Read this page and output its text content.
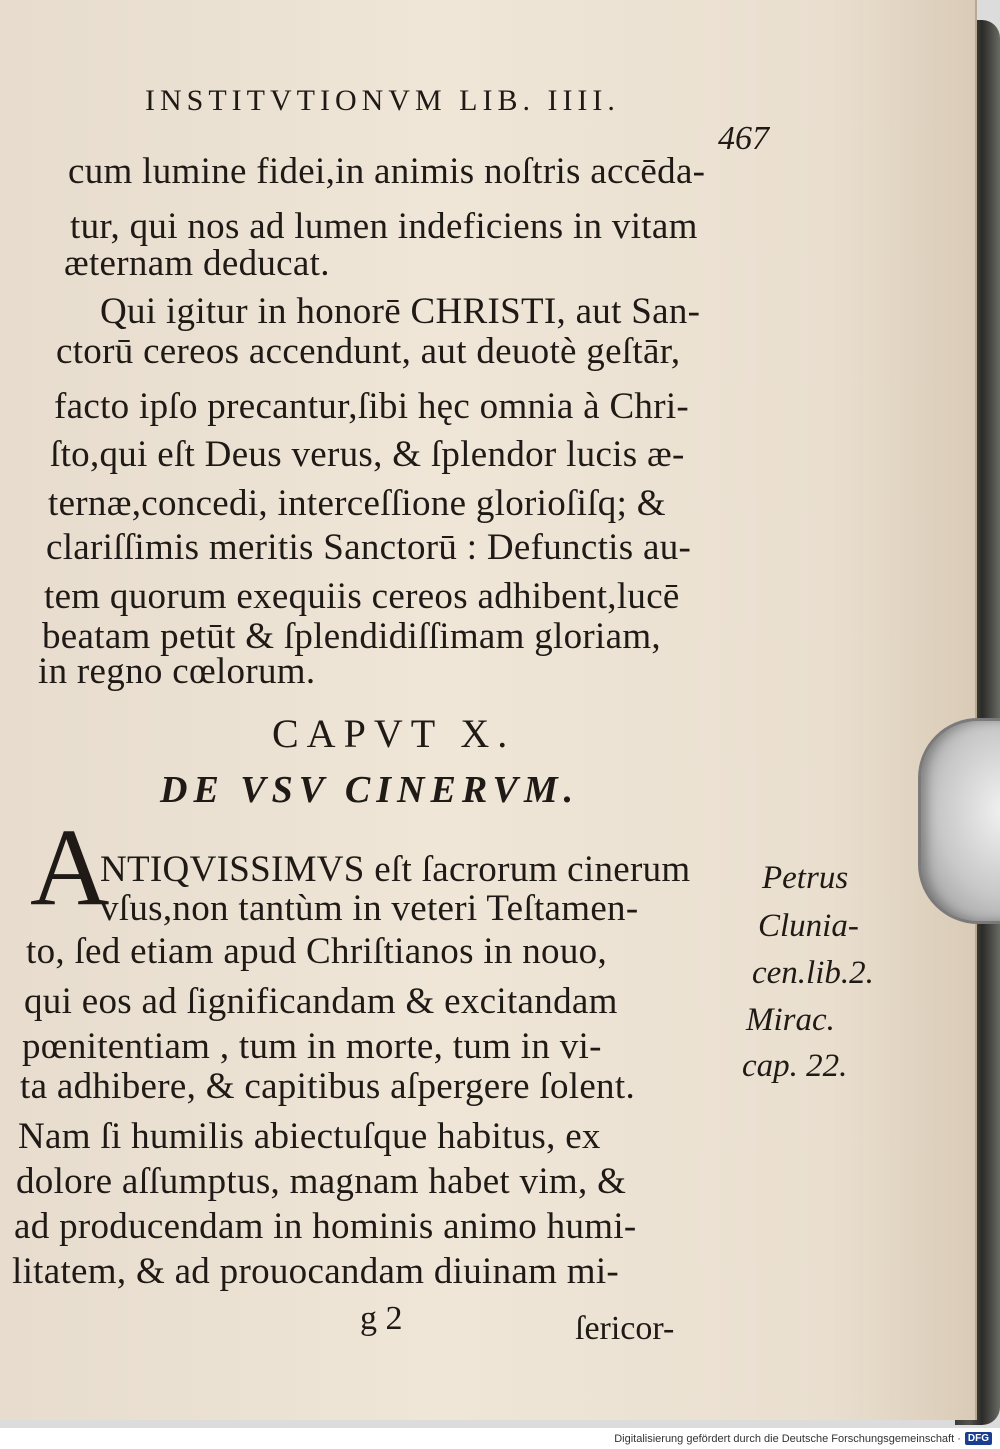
INSTITVTIONVM LIB. IIII.
467
cum lumine fidei,in animis noſtris accēda-
tur, qui nos ad lumen indeficiens in vitam
æternam deducat.
Qui igitur in honorē CHRISTI, aut San-
ctorū cereos accendunt, aut deuotè geſtār,
facto ipſo precantur,ſibi hęc omnia à Chri-
ſto,qui eſt Deus verus, & ſplendor lucis æ-
ternæ,concedi, interceſſione glorioſiſq; &
clariſſimis meritis Sanctorū : Defunctis au-
tem quorum exequiis cereos adhibent,lucē
beatam petūt & ſplendidiſſimam gloriam,
in regno cœlorum.
CAPVT X.
DE VSV CINERVM.
A
NTIQVISSIMVS eſt ſacrorum cinerum
vſus,non tantùm in veteri Teſtamen-
to, ſed etiam apud Chriſtianos in nouo,
qui eos ad ſignificandam & excitandam
pœnitentiam , tum in morte, tum in vi-
ta adhibere, & capitibus aſpergere ſolent.
Nam ſi humilis abiectuſque habitus, ex
dolore aſſumptus, magnam habet vim, &
ad producendam in hominis animo humi-
litatem, & ad prouocandam diuinam mi-
Petrus
Clunia-
cen.lib.2.
Mirac.
cap. 22.
g 2	ſericor-
Digitalisierung gefördert durch die Deutsche Forschungsgemeinschaft · DFG
